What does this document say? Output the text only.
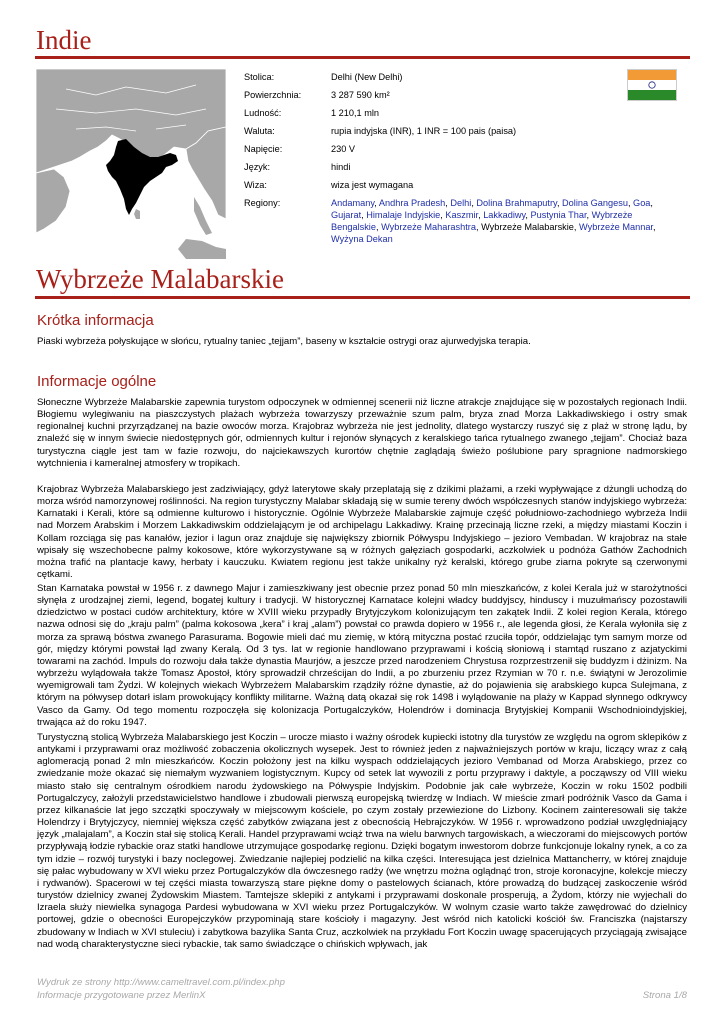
Indie
Stolica:	Delhi (New Delhi)
Powierzchnia:	3 287 590 km²
Ludność:	1 210,1 mln
Waluta:	rupia indyjska (INR), 1 INR = 100 pais (paisa)
Napięcie:	230 V
Język:	hindi
Wiza:	wiza jest wymagana
Regiony:	Andamany, Andhra Pradesh, Delhi, Dolina Brahmaputry, Dolina Gangesu, Goa, Gujarat, Himalaje Indyjskie, Kaszmir, Lakkadiwy, Pustynia Thar, Wybrzeże Bengalskie, Wybrzeże Maharashtra, Wybrzeże Malabarskie, Wybrzeże Mannar, Wyżyna Dekan
Wybrzeże Malabarskie
Krótka informacja

Piaski wybrzeża połyskujące w słońcu, rytualny taniec „tejjam”, baseny w kształcie ostrygi oraz ajurwedyjska terapia.

Informacje ogólne

Słoneczne Wybrzeże Malabarskie zapewnia turystom odpoczynek w odmiennej scenerii niż liczne atrakcje znajdujące się w pozostałych regionach Indii. Błogiemu wylegiwaniu na piaszczystych plażach wybrzeża towarzyszy przeważnie szum palm, bryza znad Morza Lakkadiwskiego i ostry smak regionalnej kuchni przyrządzanej na bazie owoców morza. Krajobraz wybrzeża nie jest jednolity, dlatego wystarczy ruszyć się z plaż w stronę lądu, by znaleźć się w innym świecie niedostępnych gór, odmiennych kultur i rejonów słynących z keralskiego tańca rytualnego zwanego „tejjam”. Chociaż baza turystyczna ciągle jest tam w fazie rozwoju, do najciekawszych kurortów chętnie zaglądają świeżo poślubione pary spragnione nadmorskiego wytchnienia i kameralnej atmosfery w tropikach.

Krajobraz Wybrzeża Malabarskiego jest zadziwiający, gdyż laterytowe skały przeplatają się z dzikimi plażami, a rzeki wypływające z dżungli uchodzą do morza wśród namorzynowej roślinności. Na region turystyczny Malabar składają się w sumie tereny dwóch współczesnych stanów indyjskiego wybrzeża: Karnataki i Kerali, które są odmienne kulturowo i historycznie. Ogólnie Wybrzeże Malabarskie zajmuje część południowo-zachodniego wybrzeża Indii nad Morzem Arabskim i Morzem Lakkadiwskim oddzielającym je od archipelagu Lakkadiwy. Krainę przecinają liczne rzeki, a między miastami Koczin i Kollam rozciąga się pas kanałów, jezior i lagun oraz znajduje się największy zbiornik Półwyspu Indyjskiego – jezioro Vembadan. W krajobraz na stałe wpisały się wszechobecne palmy kokosowe, które wykorzystywane są w różnych gałęziach gospodarki, aczkolwiek u podnóża Gathów Zachodnich można trafić na plantacje kawy, herbaty i kauczuku. Kwiatem regionu jest także unikalny ryż keralski, którego grube ziarna pokryte są czerwonymi cętkami.

Stan Karnataka powstał w 1956 r. z dawnego Majur i zamieszkiwany jest obecnie przez ponad 50 mln mieszkańców, z kolei Kerala już w starożytności słynęła z urodzajnej ziemi, legend, bogatej kultury i tradycji. W historycznej Karnatace kolejni władcy buddyjscy, hinduscy i muzułmańscy pozostawili dziedzictwo w postaci cudów architektury, które w XVIII wieku przypadły Brytyjczykom kolonizującym ten zakątek Indii. Z kolei region Kerala, którego nazwa odnosi się do „kraju palm” (palma kokosowa „kera” i kraj „alam”) powstał co prawda dopiero w 1956 r., ale legenda głosi, że Kerala wyłoniła się z morza za sprawą bóstwa zwanego Parasurama. Bogowie mieli dać mu ziemię, w którą mityczna postać rzuciła topór, oddzielając tym samym morze od gór, między którymi powstał ląd zwany Keralą. Od 3 tys. lat w regionie handlowano przyprawami i kością słoniową i stamtąd ruszano z azjatyckimi towarami na zachód. Impuls do rozwoju dała także dynastia Maurjów, a jeszcze przed narodzeniem Chrystusa rozprzestrzenił się buddyzm i dżinizm. Na wybrzeżu wylądowała także Tomasz Apostoł, który sprowadził chrześcijan do Indii, a po zburzeniu przez Rzymian w 70 r. n.e. świątyni w Jerozolimie wyemigrowali tam Żydzi. W kolejnych wiekach Wybrzeżem Malabarskim rządziły różne dynastie, aż do pojawienia się arabskiego kupca Sulejmana, z którym na półwysep dotarł islam prowokujący konflikty militarne. Ważną datą okazał się rok 1498 i wylądowanie na plaży w Kappad słynnego odkrywcy Vasco da Gamy. Od tego momentu rozpoczęła się kolonizacja Portugalczyków, Holendrów i dominacja Brytyjskiej Kompanii Wschodnioindyjskiej, trwająca aż do roku 1947.

Turystyczną stolicą Wybrzeża Malabarskiego jest Koczin – urocze miasto i ważny ośrodek kupiecki istotny dla turystów ze względu na ogrom sklepików z antykami i przyprawami oraz możliwość zobaczenia okolicznych wysepek. Jest to również jeden z najważniejszych portów w kraju, liczący wraz z całą aglomeracją ponad 2 mln mieszkańców. Koczin położony jest na kilku wyspach oddzielających jezioro Vembanad od Morza Arabskiego, przez co zwiedzanie może okazać się niemałym wyzwaniem logistycznym. Kupcy od setek lat wywozili z portu przyprawy i daktyle, a począwszy od VIII wieku miasto stało się centralnym ośrodkiem narodu żydowskiego na Półwyspie Indyjskim. Podobnie jak całe wybrzeże, Koczin w roku 1502 podbili Portugalczycy, założyli przedstawicielstwo handlowe i zbudowali pierwszą europejską twierdzę w Indiach. W mieście zmarł podróżnik Vasco da Gama i przez kilkanaście lat jego szczątki spoczywały w miejscowym kościele, po czym zostały przewiezione do Lizbony. Kocinem zainteresowali się także Holendrzy i Brytyjczycy, niemniej większa część zabytków związana jest z obecnością Hebrajczyków. W 1956 r. wprowadzono podział uwzględniający język „malajalam”, a Koczin stał się stolicą Kerali. Handel przyprawami wciąż trwa na wielu barwnych targowiskach, a wieczorami do miejscowych portów przypływają łodzie rybackie oraz statki handlowe utrzymujące gospodarkę regionu. Dzięki bogatym inwestorom dobrze funkcjonuje lokalny rynek, a co za tym idzie – rozwój turystyki i bazy noclegowej. Zwiedzanie najlepiej podzielić na kilka części. Interesująca jest dzielnica Mattancherry, w której znajduje się pałac wybudowany w XVI wieku przez Portugalczyków dla ówczesnego radży (we wnętrzu można oglądnąć tron, stroje koronacyjne, kolekcje mieczy i rydwanów). Spacerowi w tej części miasta towarzyszą stare piękne domy o pastelowych ścianach, które prowadzą do budzącej zaskoczenie wśród turystów dzielnicy zwanej Żydowskim Miastem. Tamtejsze sklepiki z antykami i przyprawami doskonale prosperują, a Żydom, którzy nie wyjechali do Izraela służy niewielka synagoga Pardesi wybudowana w XVI wieku przez Portugalczyków. W wolnym czasie warto także zawędrować do dzielnicy portowej, gdzie o obecności Europejczyków przypominają stare kościoły i magazyny. Jest wśród nich katolicki kościół św. Franciszka (najstarszy zbudowany w Indiach w XVI stuleciu) i zabytkowa bazylika Santa Cruz, aczkolwiek na przykładu Fort Koczin uwagę spacerujących przyciągają zwisające nad wodą charakterystyczne sieci rybackie, tak samo świadczące o chińskich wpływach, jak

Wydruk ze strony http://www.cameltravel.com.pl/index.php
Informacje przygotowane przez MerlinX	Strona 1/8
